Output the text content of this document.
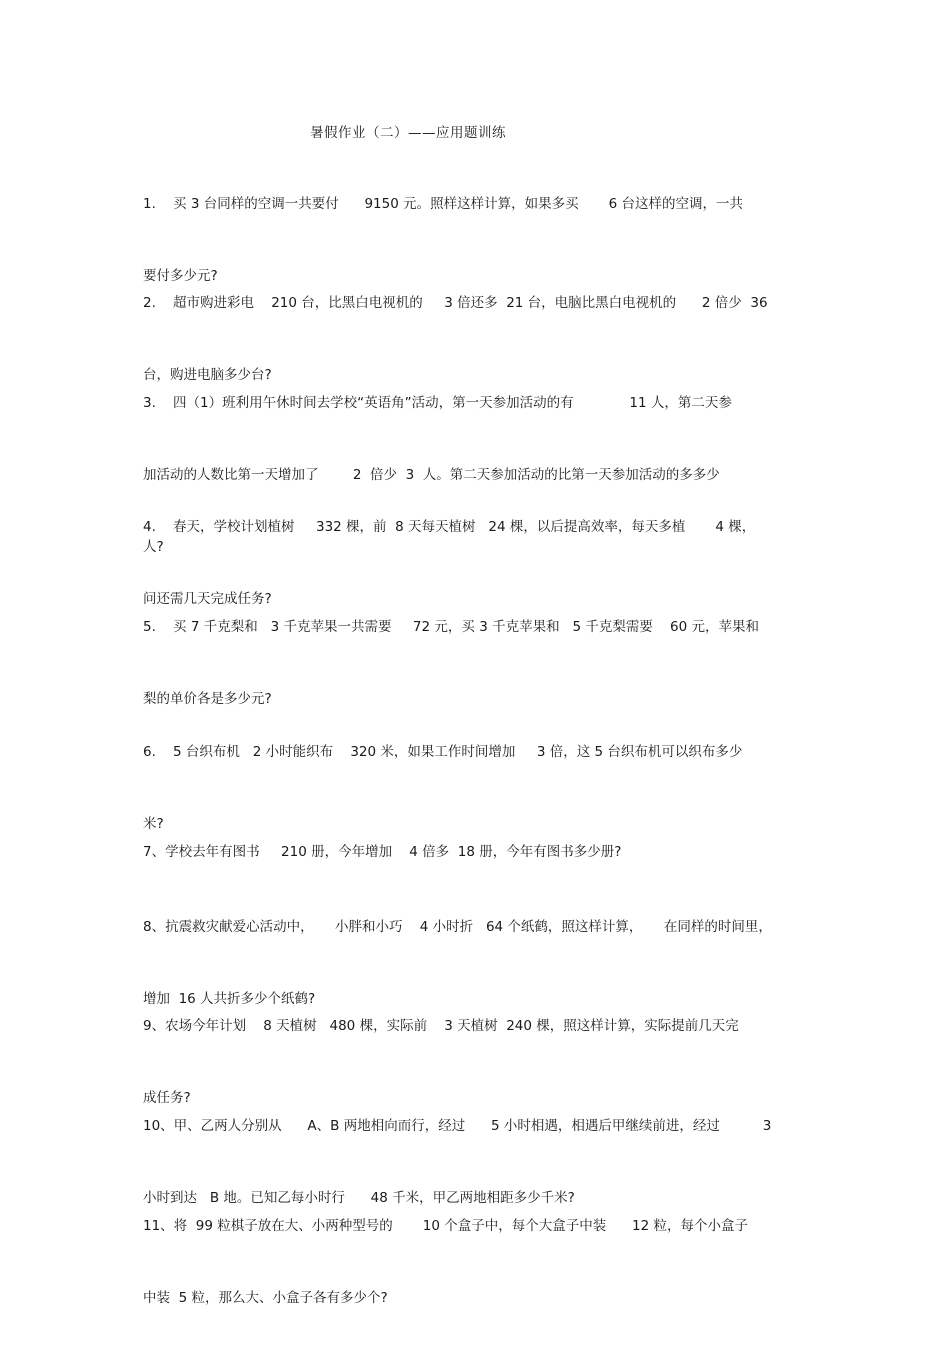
暑假作业（二）——应用题训练

1.    买 3 台同样的空调一共要付      9150 元。照样这样计算，如果多买       6 台这样的空调，一共

要付多少元?

2.    超市购进彩电    210 台，比黑白电视机的     3 倍还多  21 台，电脑比黑白电视机的      2 倍少  36

台，购进电脑多少台?

3.    四（1）班利用午休时间去学校“英语角”活动，第一天参加活动的有             11 人，第二天参

加活动的人数比第一天增加了        2  倍少  3  人。第二天参加活动的比第一天参加活动的多多少

人?

4.    春天，学校计划植树     332 棵，前  8 天每天植树   24 棵，以后提高效率，每天多植       4 棵，

问还需几天完成任务?

5.    买 7 千克梨和   3 千克苹果一共需要     72 元，买 3 千克苹果和   5 千克梨需要    60 元，苹果和

梨的单价各是多少元?

6.    5 台织布机   2 小时能织布    320 米，如果工作时间增加     3 倍，这 5 台织布机可以织布多少

米?

7、学校去年有图书     210 册，今年增加    4 倍多  18 册，今年有图书多少册?

8、抗震救灾献爱心活动中，     小胖和小巧    4 小时折   64 个纸鹤，照这样计算，     在同样的时间里，

增加  16 人共折多少个纸鹤?

9、农场今年计划    8 天植树   480 棵，实际前    3 天植树  240 棵，照这样计算，实际提前几天完

成任务?

10、甲、乙两人分别从      A、B 两地相向而行，经过      5 小时相遇，相遇后甲继续前进，经过          3

小时到达   B 地。已知乙每小时行      48 千米，甲乙两地相距多少千米?

11、将  99 粒棋子放在大、小两种型号的       10 个盒子中，每个大盒子中装      12 粒，每个小盒子

中装  5 粒，那么大、小盒子各有多少个?
